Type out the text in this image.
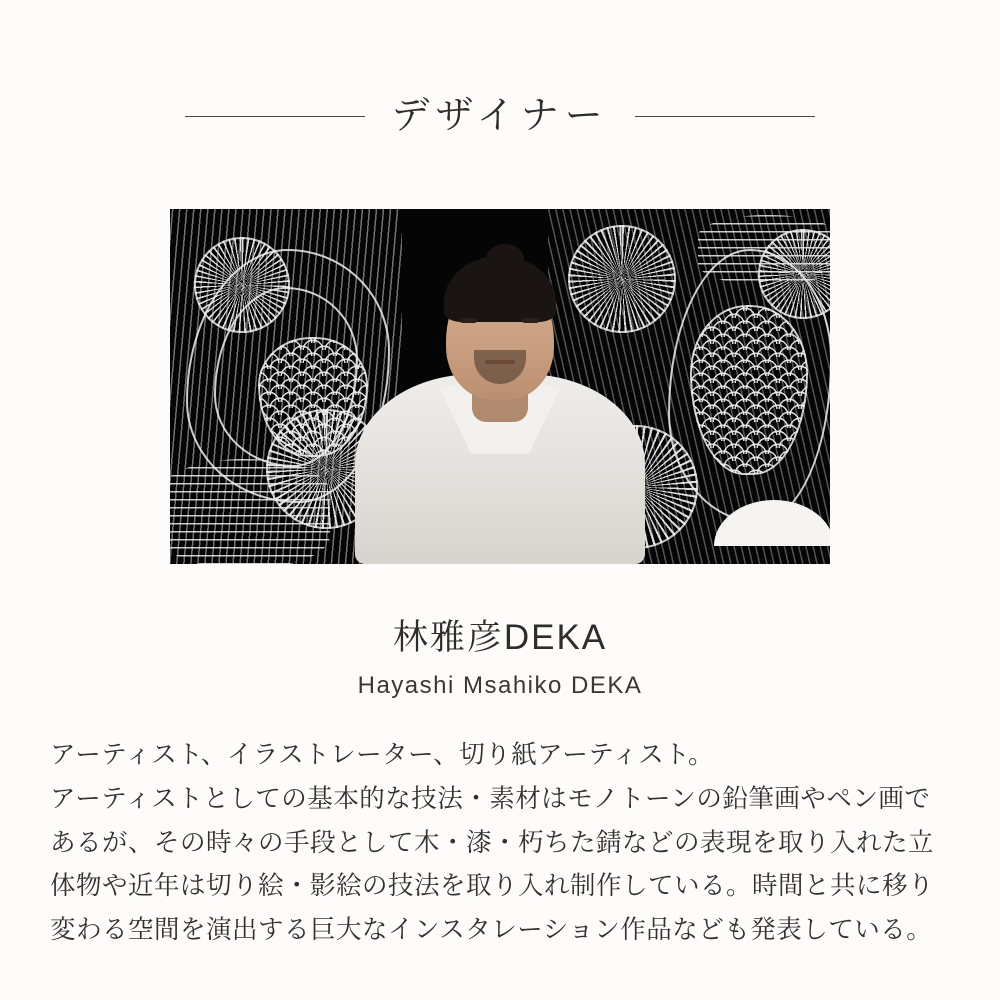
デザイナー
林雅彦DEKA
Hayashi Msahiko DEKA

アーティスト、イラストレーター、切り紙アーティスト。

アーティストとしての基本的な技法・素材はモノトーンの鉛筆画やペン画であるが、その時々の手段として木・漆・朽ちた錆などの表現を取り入れた立体物や近年は切り絵・影絵の技法を取り入れ制作している。時間と共に移り変わる空間を演出する巨大なインスタレーション作品なども発表している。
